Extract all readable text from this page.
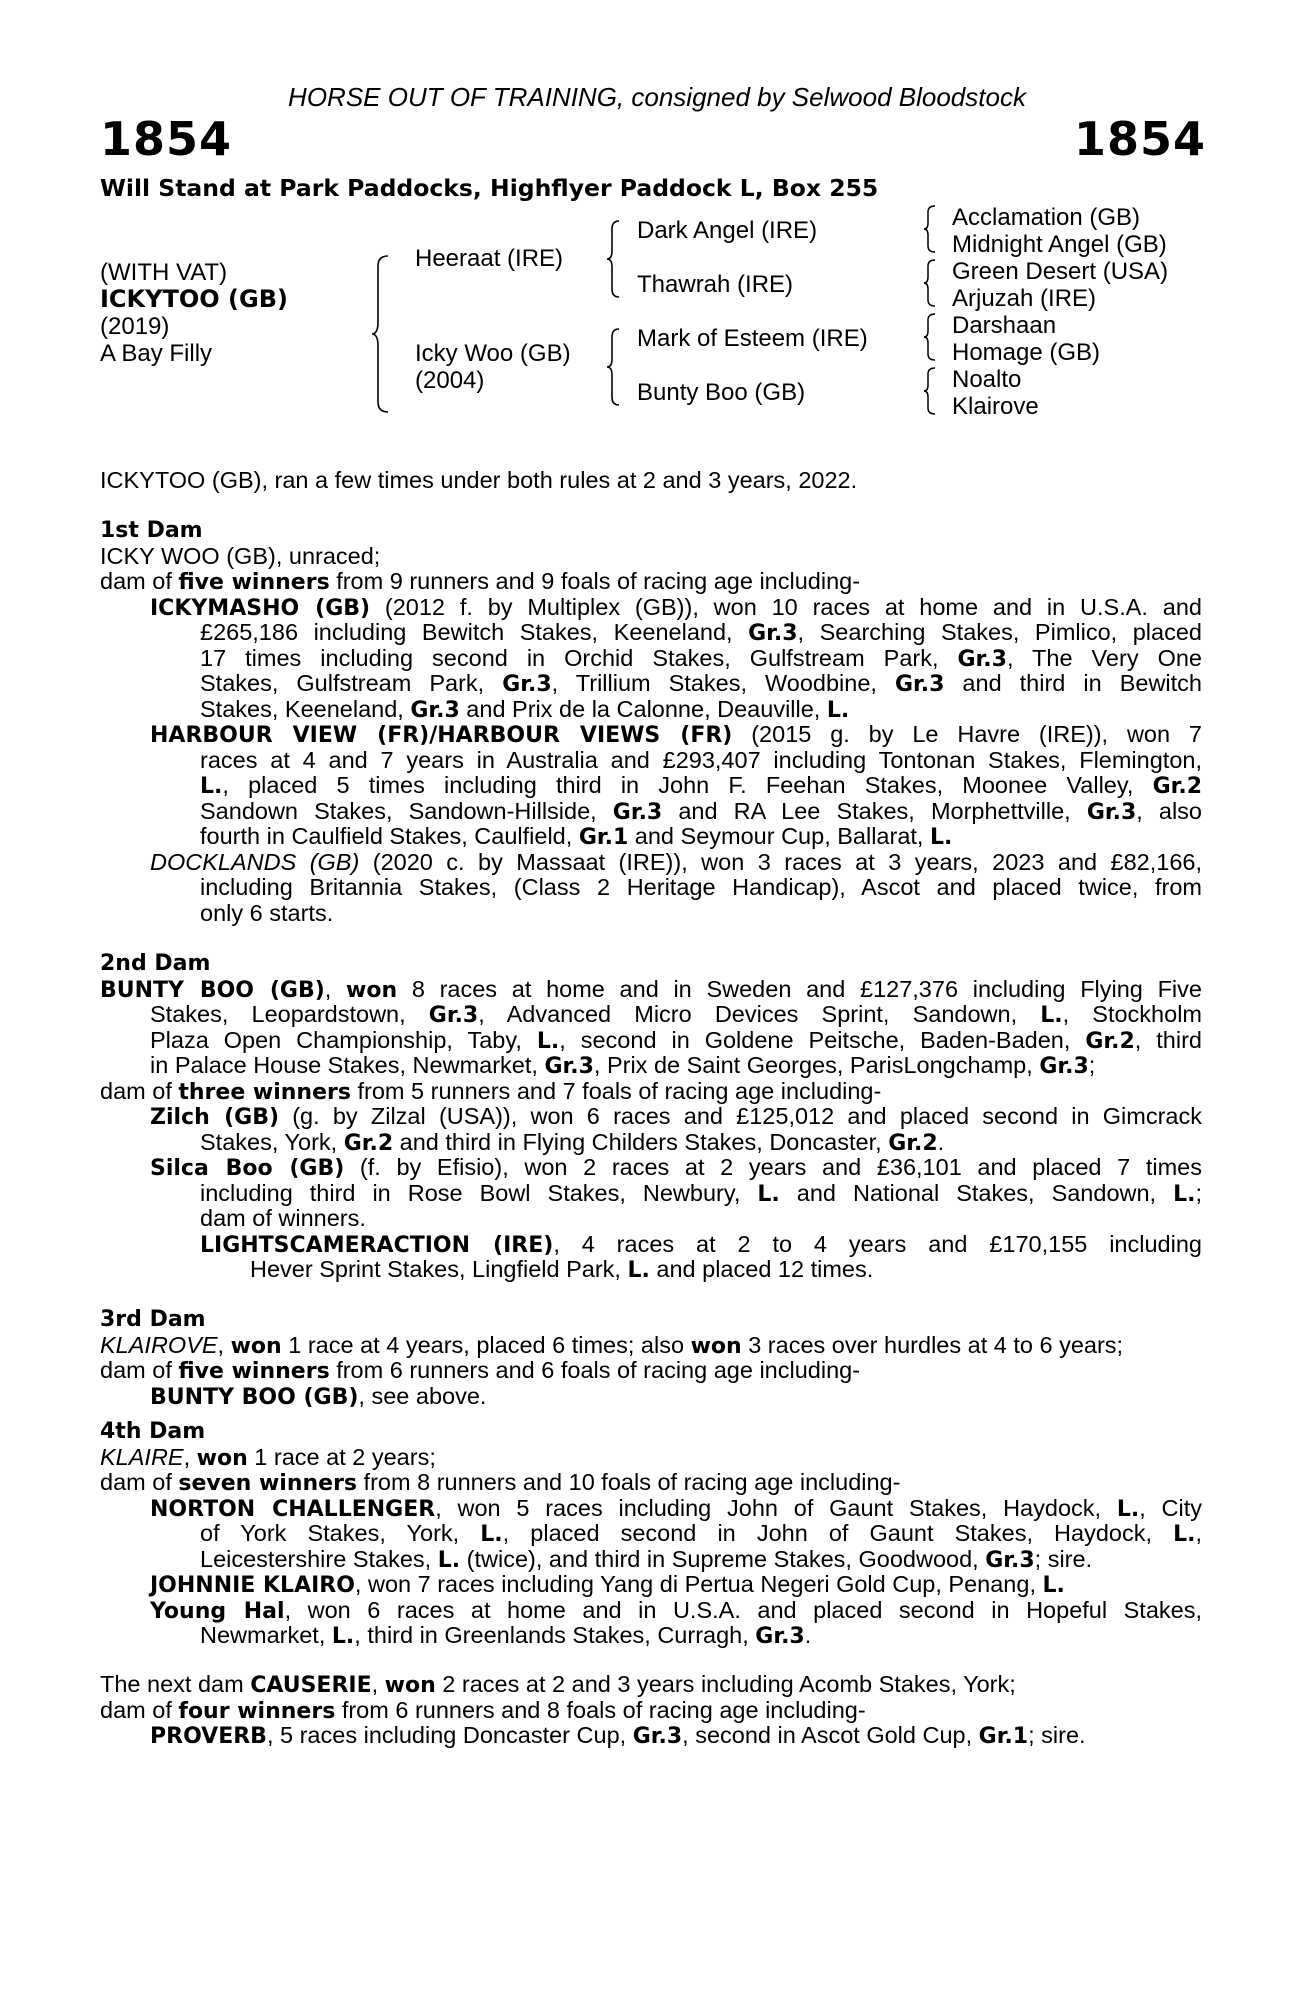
HORSE OUT OF TRAINING, consigned by Selwood Bloodstock
1854	1854
Will Stand at Park Paddocks, Highflyer Paddock L, Box 255
(WITH VAT)
ICKYTOO (GB)
(2019)
A Bay Filly
Heeraat (IRE)
Icky Woo (GB)
(2004)
Dark Angel (IRE)
Thawrah (IRE)
Mark of Esteem (IRE)
Bunty Boo (GB)
Acclamation (GB)
Midnight Angel (GB)
Green Desert (USA)
Arjuzah (IRE)
Darshaan
Homage (GB)
Noalto
Klairove
ICKYTOO (GB), ran a few times under both rules at 2 and 3 years, 2022.
1st Dam
ICKY WOO (GB), unraced;
dam of five winners from 9 runners and 9 foals of racing age including-
ICKYMASHO (GB) (2012 f. by Multiplex (GB)), won 10 races at home and in U.S.A. and
£265,186 including Bewitch Stakes, Keeneland, Gr.3, Searching Stakes, Pimlico, placed
17 times including second in Orchid Stakes, Gulfstream Park, Gr.3, The Very One
Stakes, Gulfstream Park, Gr.3, Trillium Stakes, Woodbine, Gr.3 and third in Bewitch
Stakes, Keeneland, Gr.3 and Prix de la Calonne, Deauville, L.
HARBOUR VIEW (FR)/HARBOUR VIEWS (FR) (2015 g. by Le Havre (IRE)), won 7
races at 4 and 7 years in Australia and £293,407 including Tontonan Stakes, Flemington,
L., placed 5 times including third in John F. Feehan Stakes, Moonee Valley, Gr.2
Sandown Stakes, Sandown-Hillside, Gr.3 and RA Lee Stakes, Morphettville, Gr.3, also
fourth in Caulfield Stakes, Caulfield, Gr.1 and Seymour Cup, Ballarat, L.
DOCKLANDS (GB) (2020 c. by Massaat (IRE)), won 3 races at 3 years, 2023 and £82,166,
including Britannia Stakes, (Class 2 Heritage Handicap), Ascot and placed twice, from
only 6 starts.
2nd Dam
BUNTY BOO (GB), won 8 races at home and in Sweden and £127,376 including Flying Five
Stakes, Leopardstown, Gr.3, Advanced Micro Devices Sprint, Sandown, L., Stockholm
Plaza Open Championship, Taby, L., second in Goldene Peitsche, Baden-Baden, Gr.2, third
in Palace House Stakes, Newmarket, Gr.3, Prix de Saint Georges, ParisLongchamp, Gr.3;
dam of three winners from 5 runners and 7 foals of racing age including-
Zilch (GB) (g. by Zilzal (USA)), won 6 races and £125,012 and placed second in Gimcrack
Stakes, York, Gr.2 and third in Flying Childers Stakes, Doncaster, Gr.2.
Silca Boo (GB) (f. by Efisio), won 2 races at 2 years and £36,101 and placed 7 times
including third in Rose Bowl Stakes, Newbury, L. and National Stakes, Sandown, L.;
dam of winners.
LIGHTSCAMERACTION (IRE), 4 races at 2 to 4 years and £170,155 including
Hever Sprint Stakes, Lingfield Park, L. and placed 12 times.
3rd Dam
KLAIROVE, won 1 race at 4 years, placed 6 times; also won 3 races over hurdles at 4 to 6 years;
dam of five winners from 6 runners and 6 foals of racing age including-
BUNTY BOO (GB), see above.
4th Dam
KLAIRE, won 1 race at 2 years;
dam of seven winners from 8 runners and 10 foals of racing age including-
NORTON CHALLENGER, won 5 races including John of Gaunt Stakes, Haydock, L., City
of York Stakes, York, L., placed second in John of Gaunt Stakes, Haydock, L.,
Leicestershire Stakes, L. (twice), and third in Supreme Stakes, Goodwood, Gr.3; sire.
JOHNNIE KLAIRO, won 7 races including Yang di Pertua Negeri Gold Cup, Penang, L.
Young Hal, won 6 races at home and in U.S.A. and placed second in Hopeful Stakes,
Newmarket, L., third in Greenlands Stakes, Curragh, Gr.3.
The next dam CAUSERIE, won 2 races at 2 and 3 years including Acomb Stakes, York;
dam of four winners from 6 runners and 8 foals of racing age including-
PROVERB, 5 races including Doncaster Cup, Gr.3, second in Ascot Gold Cup, Gr.1; sire.
